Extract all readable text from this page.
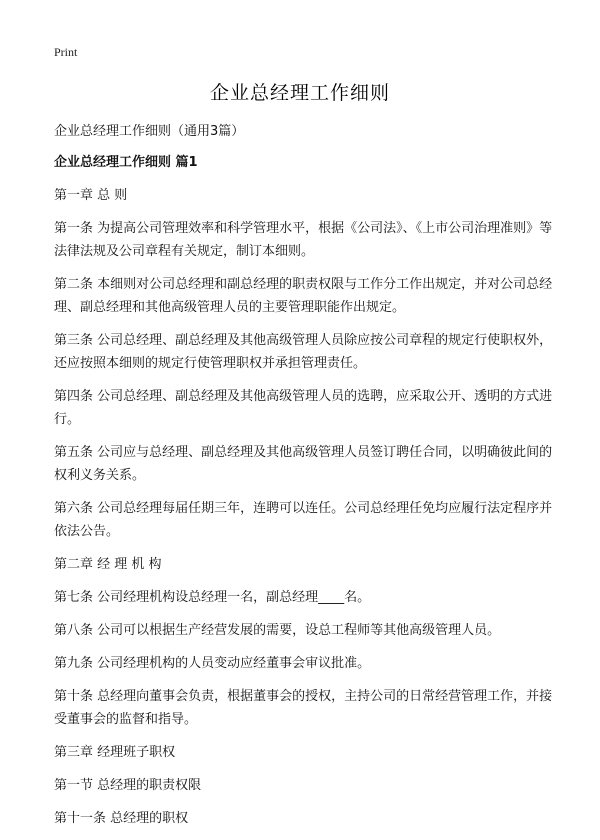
Print
企业总经理工作细则

企业总经理工作细则（通用3篇）

企业总经理工作细则 篇1

第一章 总 则

第一条 为提高公司管理效率和科学管理水平，根据《公司法》、《上市公司治理准则》等法律法规及公司章程有关规定，制订本细则。

第二条 本细则对公司总经理和副总经理的职责权限与工作分工作出规定，并对公司总经理、副总经理和其他高级管理人员的主要管理职能作出规定。

第三条 公司总经理、副总经理及其他高级管理人员除应按公司章程的规定行使职权外，还应按照本细则的规定行使管理职权并承担管理责任。

第四条 公司总经理、副总经理及其他高级管理人员的选聘，应采取公开、透明的方式进行。

第五条 公司应与总经理、副总经理及其他高级管理人员签订聘任合同，以明确彼此间的权利义务关系。

第六条 公司总经理每届任期三年，连聘可以连任。公司总经理任免均应履行法定程序并依法公告。

第二章 经 理 机 构

第七条 公司经理机构设总经理一名，副总经理____名。

第八条 公司可以根据生产经营发展的需要，设总工程师等其他高级管理人员。

第九条 公司经理机构的人员变动应经董事会审议批准。

第十条 总经理向董事会负责，根据董事会的授权，主持公司的日常经营管理工作，并接受董事会的监督和指导。

第三章 经理班子职权

第一节 总经理的职责权限

第十一条 总经理的职权
